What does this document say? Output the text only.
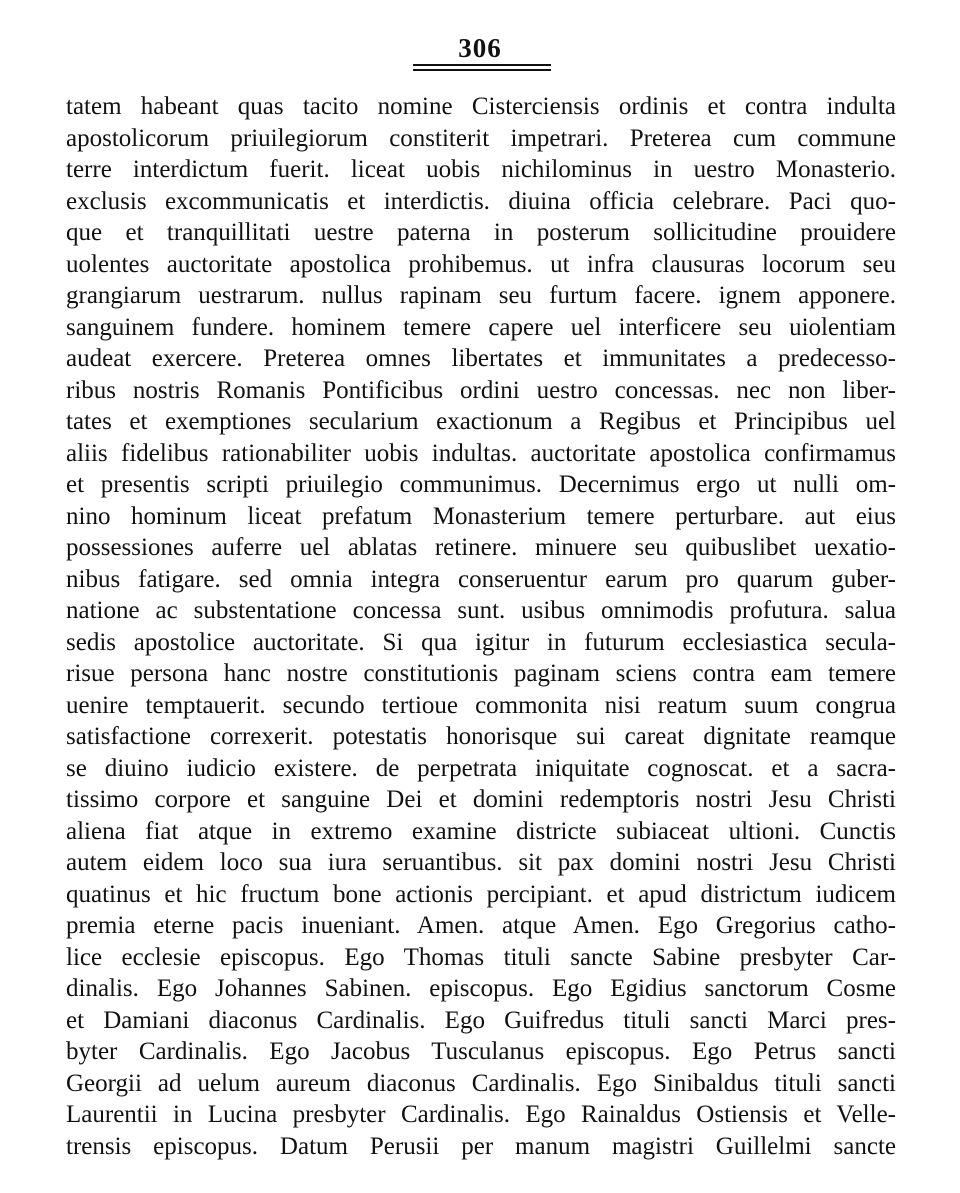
306
tatem habeant quas tacito nomine Cisterciensis ordinis et contra indulta
apostolicorum priuilegiorum constiterit impetrari. Preterea cum commune
terre interdictum fuerit. liceat uobis nichilominus in uestro Monasterio.
exclusis excommunicatis et interdictis. diuina officia celebrare. Paci quo-
que et tranquillitati uestre paterna in posterum sollicitudine prouidere
uolentes auctoritate apostolica prohibemus. ut infra clausuras locorum seu
grangiarum uestrarum. nullus rapinam seu furtum facere. ignem apponere.
sanguinem fundere. hominem temere capere uel interficere seu uiolentiam
audeat exercere. Preterea omnes libertates et immunitates a predecesso-
ribus nostris Romanis Pontificibus ordini uestro concessas. nec non liber-
tates et exemptiones secularium exactionum a Regibus et Principibus uel
aliis fidelibus rationabiliter uobis indultas. auctoritate apostolica confirmamus
et presentis scripti priuilegio communimus. Decernimus ergo ut nulli om-
nino hominum liceat prefatum Monasterium temere perturbare. aut eius
possessiones auferre uel ablatas retinere. minuere seu quibuslibet uexatio-
nibus fatigare. sed omnia integra conseruentur earum pro quarum guber-
natione ac substentatione concessa sunt. usibus omnimodis profutura. salua
sedis apostolice auctoritate. Si qua igitur in futurum ecclesiastica secula-
risue persona hanc nostre constitutionis paginam sciens contra eam temere
uenire temptauerit. secundo tertioue commonita nisi reatum suum congrua
satisfactione correxerit. potestatis honorisque sui careat dignitate reamque
se diuino iudicio existere. de perpetrata iniquitate cognoscat. et a sacra-
tissimo corpore et sanguine Dei et domini redemptoris nostri Jesu Christi
aliena fiat atque in extremo examine districte subiaceat ultioni. Cunctis
autem eidem loco sua iura seruantibus. sit pax domini nostri Jesu Christi
quatinus et hic fructum bone actionis percipiant. et apud districtum iudicem
premia eterne pacis inueniant. Amen. atque Amen. Ego Gregorius catho-
lice ecclesie episcopus. Ego Thomas tituli sancte Sabine presbyter Car-
dinalis. Ego Johannes Sabinen. episcopus. Ego Egidius sanctorum Cosme
et Damiani diaconus Cardinalis. Ego Guifredus tituli sancti Marci pres-
byter Cardinalis. Ego Jacobus Tusculanus episcopus. Ego Petrus sancti
Georgii ad uelum aureum diaconus Cardinalis. Ego Sinibaldus tituli sancti
Laurentii in Lucina presbyter Cardinalis. Ego Rainaldus Ostiensis et Velle-
trensis episcopus. Datum Perusii per manum magistri Guillelmi sancte
